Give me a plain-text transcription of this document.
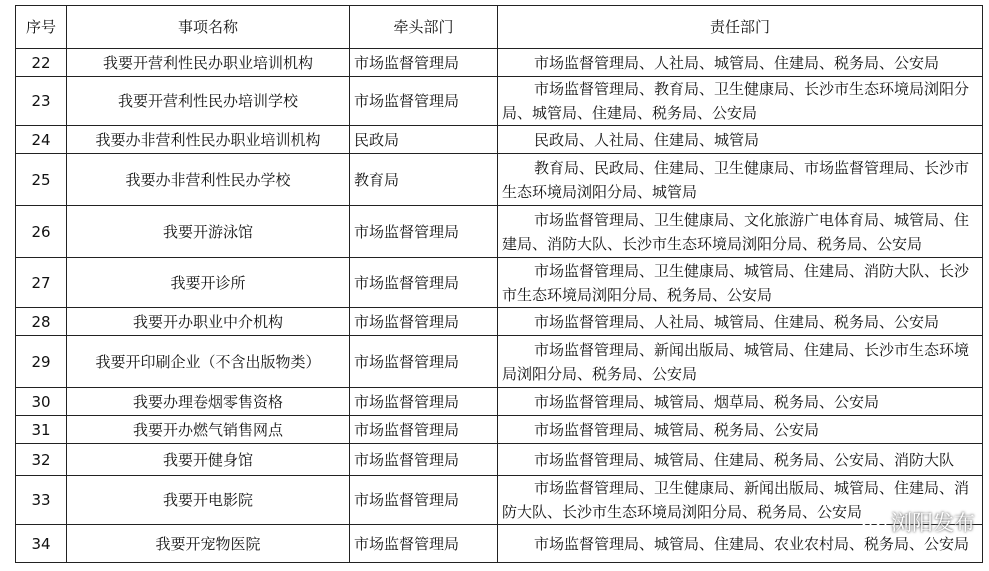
序号	事项名称	牵头部门	责任部门
22	我要开营利性民办职业培训机构	市场监督管理局	市场监督管理局、人社局、城管局、住建局、税务局、公安局
23	我要开营利性民办培训学校	市场监督管理局	市场监督管理局、教育局、卫生健康局、长沙市生态环境局浏阳分局、城管局、住建局、税务局、公安局
24	我要办非营利性民办职业培训机构	民政局	民政局、人社局、住建局、城管局
25	我要办非营利性民办学校	教育局	教育局、民政局、住建局、卫生健康局、市场监督管理局、长沙市生态环境局浏阳分局、城管局
26	我要开游泳馆	市场监督管理局	市场监督管理局、卫生健康局、文化旅游广电体育局、城管局、住建局、消防大队、长沙市生态环境局浏阳分局、税务局、公安局
27	我要开诊所	市场监督管理局	市场监督管理局、卫生健康局、城管局、住建局、消防大队、长沙市生态环境局浏阳分局、税务局、公安局
28	我要开办职业中介机构	市场监督管理局	市场监督管理局、人社局、城管局、住建局、税务局、公安局
29	我要开印刷企业（不含出版物类）	市场监督管理局	市场监督管理局、新闻出版局、城管局、住建局、长沙市生态环境局浏阳分局、税务局、公安局
30	我要办理卷烟零售资格	市场监督管理局	市场监督管理局、城管局、烟草局、税务局、公安局
31	我要开办燃气销售网点	市场监督管理局	市场监督管理局、城管局、税务局、公安局
32	我要开健身馆	市场监督管理局	市场监督管理局、城管局、住建局、税务局、公安局、消防大队
33	我要开电影院	市场监督管理局	市场监督管理局、卫生健康局、新闻出版局、城管局、住建局、消防大队、长沙市生态环境局浏阳分局、税务局、公安局
34	我要开宠物医院	市场监督管理局	市场监督管理局、城管局、住建局、农业农村局、税务局、公安局
浏阳发布
